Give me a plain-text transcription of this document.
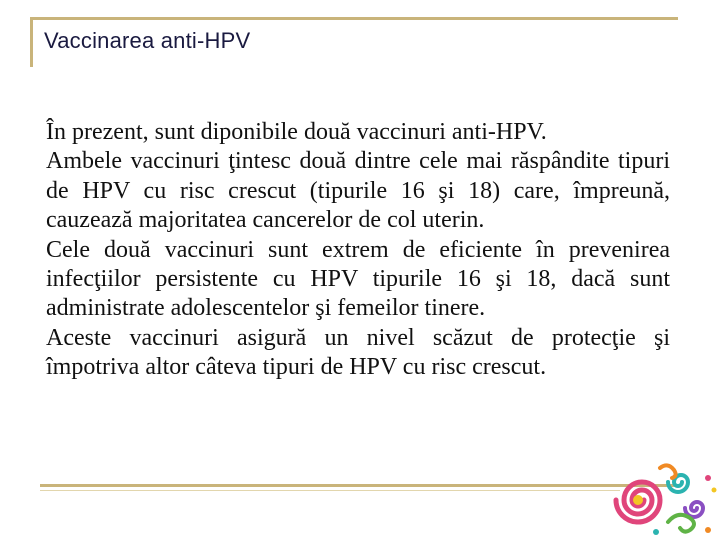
Vaccinarea anti-HPV

În prezent, sunt diponibile două vaccinuri anti-HPV.

Ambele vaccinuri ţintesc două dintre cele mai răspândite tipuri de HPV cu risc crescut (tipurile 16 şi 18) care, împreună, cauzează majoritatea cancerelor de col uterin.

Cele două vaccinuri sunt extrem de eficiente în prevenirea infecţiilor persistente cu HPV tipurile 16 şi 18, dacă sunt administrate adolescentelor şi femeilor tinere.

Aceste vaccinuri asigură un nivel scăzut de protecţie şi împotriva altor câteva tipuri de HPV cu risc crescut.
